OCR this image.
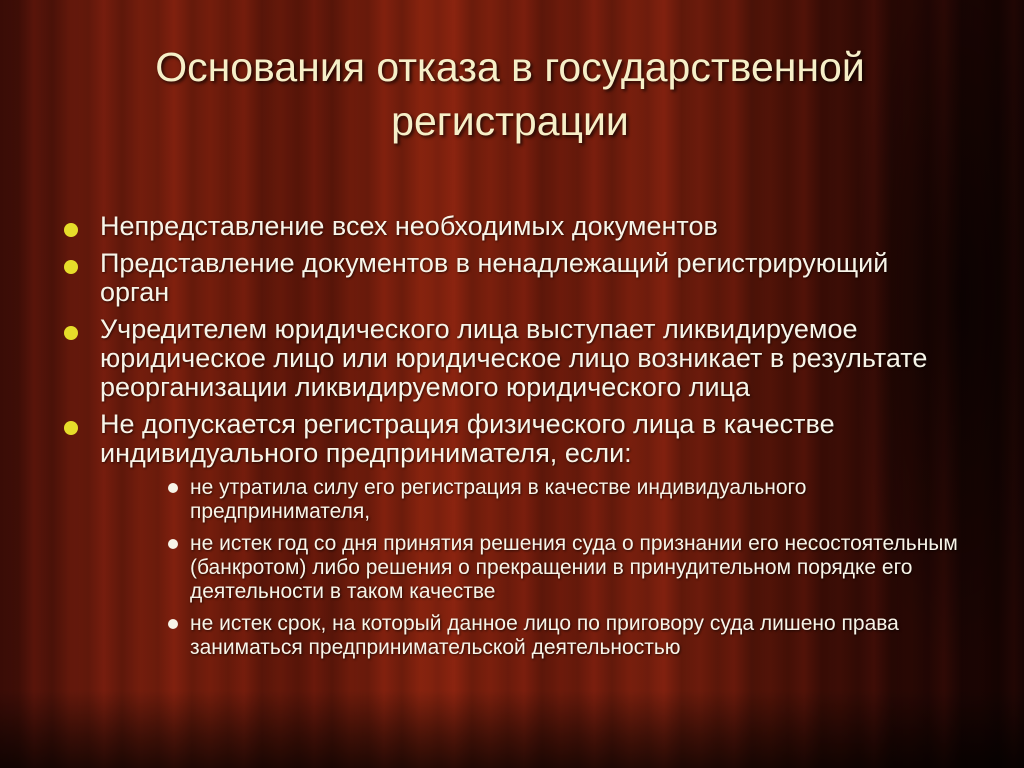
Основания отказа в государственной регистрации
Непредставление всех необходимых документов
Представление документов в ненадлежащий регистрирующий орган
Учредителем юридического лица выступает ликвидируемое юридическое лицо или юридическое лицо возникает в результате реорганизации ликвидируемого юридического лица
Не допускается регистрация физического лица в качестве индивидуального предпринимателя, если:
не утратила силу его регистрация в качестве индивидуального предпринимателя,
не истек год со дня принятия решения суда о признании его несостоятельным (банкротом) либо решения о прекращении в принудительном порядке его деятельности в таком качестве
не истек срок, на который данное лицо по приговору суда лишено права заниматься предпринимательской деятельностью
